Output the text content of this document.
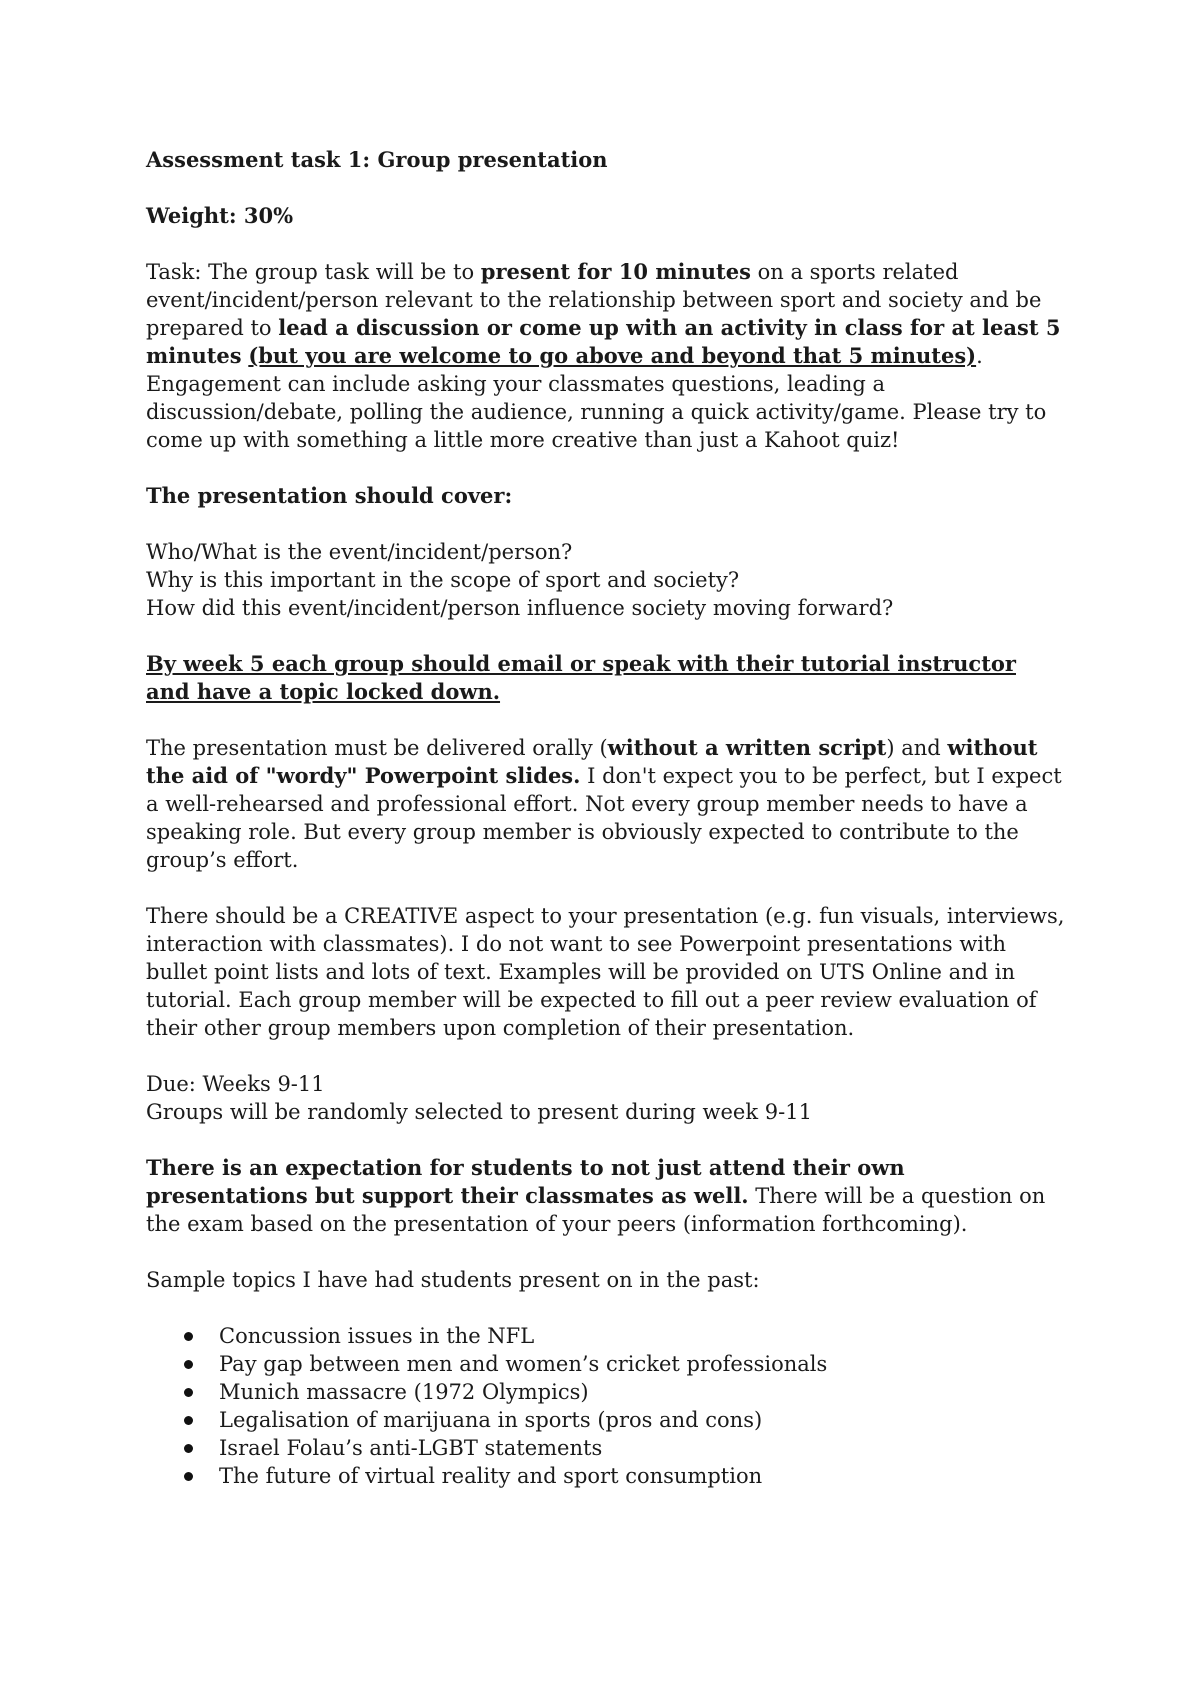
Assessment task 1: Group presentation

Weight: 30%

Task: The group task will be to present for 10 minutes on a sports related event/incident/person relevant to the relationship between sport and society and be prepared to lead a discussion or come up with an activity in class for at least 5 minutes (but you are welcome to go above and beyond that 5 minutes). Engagement can include asking your classmates questions, leading a discussion/debate, polling the audience, running a quick activity/game. Please try to come up with something a little more creative than just a Kahoot quiz!

The presentation should cover:

Who/What is the event/incident/person?

Why is this important in the scope of sport and society?

How did this event/incident/person influence society moving forward?

By week 5 each group should email or speak with their tutorial instructor and have a topic locked down.

The presentation must be delivered orally (without a written script) and without the aid of "wordy" Powerpoint slides. I don't expect you to be perfect, but I expect a well-rehearsed and professional effort. Not every group member needs to have a speaking role. But every group member is obviously expected to contribute to the group’s effort.

There should be a CREATIVE aspect to your presentation (e.g. fun visuals, interviews, interaction with classmates). I do not want to see Powerpoint presentations with bullet point lists and lots of text. Examples will be provided on UTS Online and in tutorial. Each group member will be expected to fill out a peer review evaluation of their other group members upon completion of their presentation.

Due: Weeks 9-11

Groups will be randomly selected to present during week 9-11

There is an expectation for students to not just attend their own presentations but support their classmates as well. There will be a question on the exam based on the presentation of your peers (information forthcoming).

Sample topics I have had students present on in the past:

Concussion issues in the NFL
Pay gap between men and women’s cricket professionals
Munich massacre (1972 Olympics)
Legalisation of marijuana in sports (pros and cons)
Israel Folau’s anti-LGBT statements
The future of virtual reality and sport consumption
